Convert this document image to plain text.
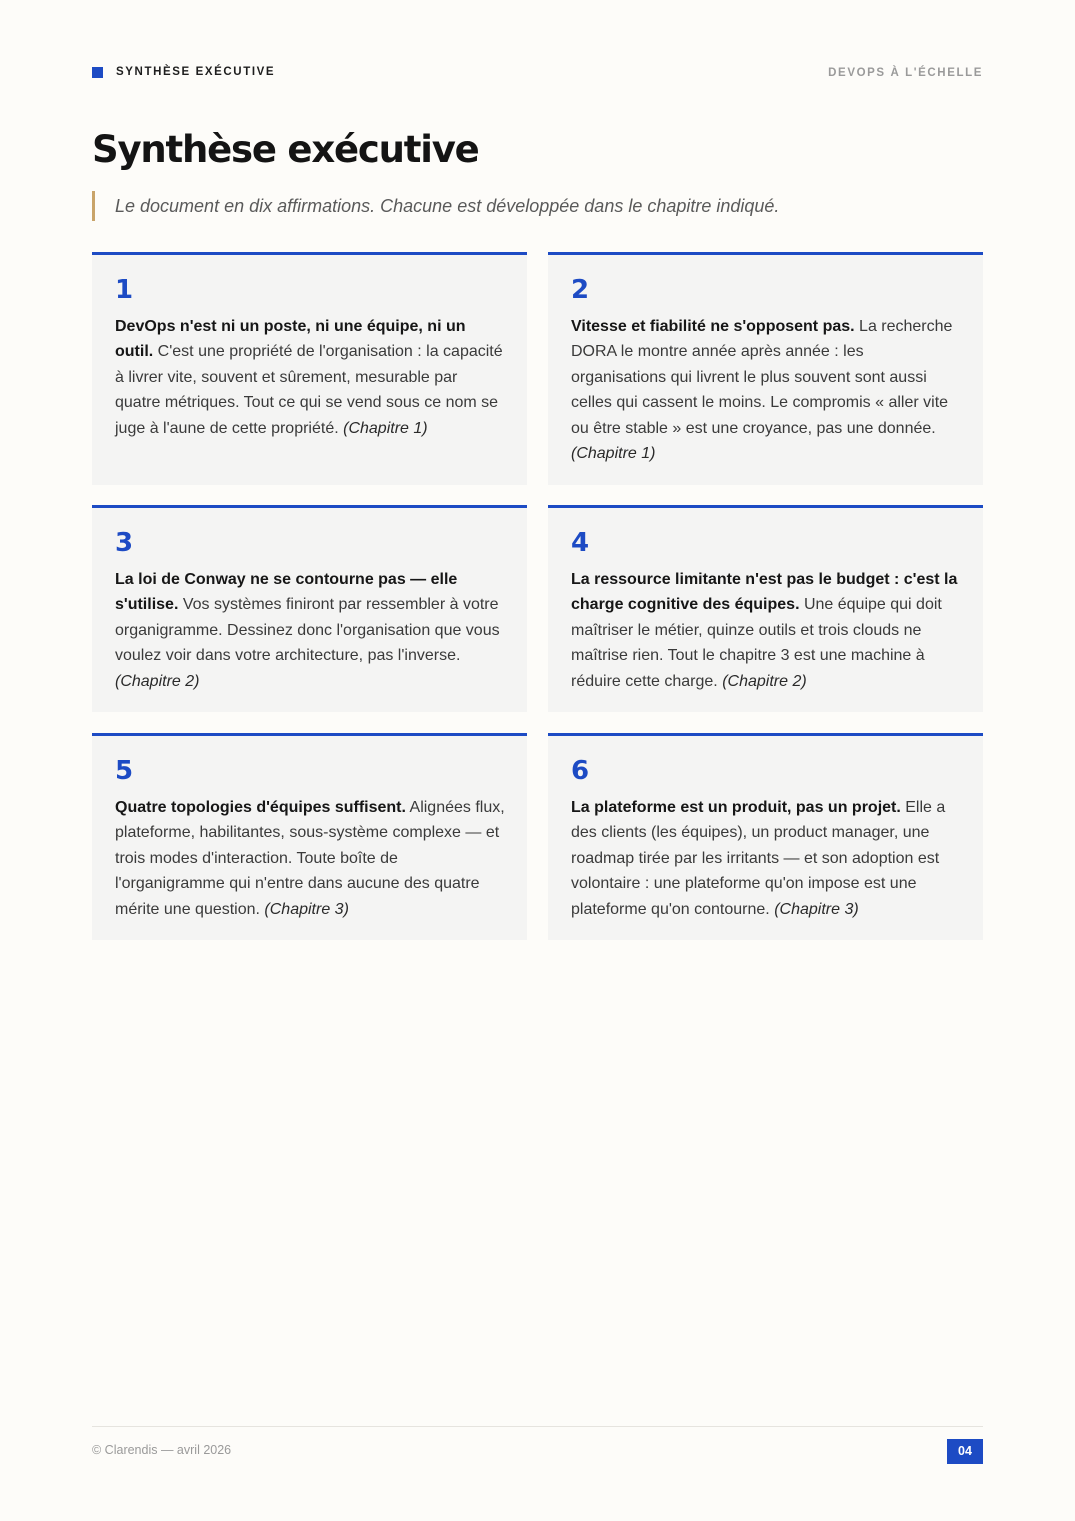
SYNTHÈSE EXÉCUTIVE	DEVOPS À L'ÉCHELLE
Synthèse exécutive
Le document en dix affirmations. Chacune est développée dans le chapitre indiqué.
1
DevOps n'est ni un poste, ni une équipe, ni un outil. C'est une propriété de l'organisation : la capacité à livrer vite, souvent et sûrement, mesurable par quatre métriques. Tout ce qui se vend sous ce nom se juge à l'aune de cette propriété. (Chapitre 1)
2
Vitesse et fiabilité ne s'opposent pas. La recherche DORA le montre année après année : les organisations qui livrent le plus souvent sont aussi celles qui cassent le moins. Le compromis « aller vite ou être stable » est une croyance, pas une donnée. (Chapitre 1)
3
La loi de Conway ne se contourne pas — elle s'utilise. Vos systèmes finiront par ressembler à votre organigramme. Dessinez donc l'organisation que vous voulez voir dans votre architecture, pas l'inverse. (Chapitre 2)
4
La ressource limitante n'est pas le budget : c'est la charge cognitive des équipes. Une équipe qui doit maîtriser le métier, quinze outils et trois clouds ne maîtrise rien. Tout le chapitre 3 est une machine à réduire cette charge. (Chapitre 2)
5
Quatre topologies d'équipes suffisent. Alignées flux, plateforme, habilitantes, sous-système complexe — et trois modes d'interaction. Toute boîte de l'organigramme qui n'entre dans aucune des quatre mérite une question. (Chapitre 3)
6
La plateforme est un produit, pas un projet. Elle a des clients (les équipes), un product manager, une roadmap tirée par les irritants — et son adoption est volontaire : une plateforme qu'on impose est une plateforme qu'on contourne. (Chapitre 3)
© Clarendis — avril 2026	04
